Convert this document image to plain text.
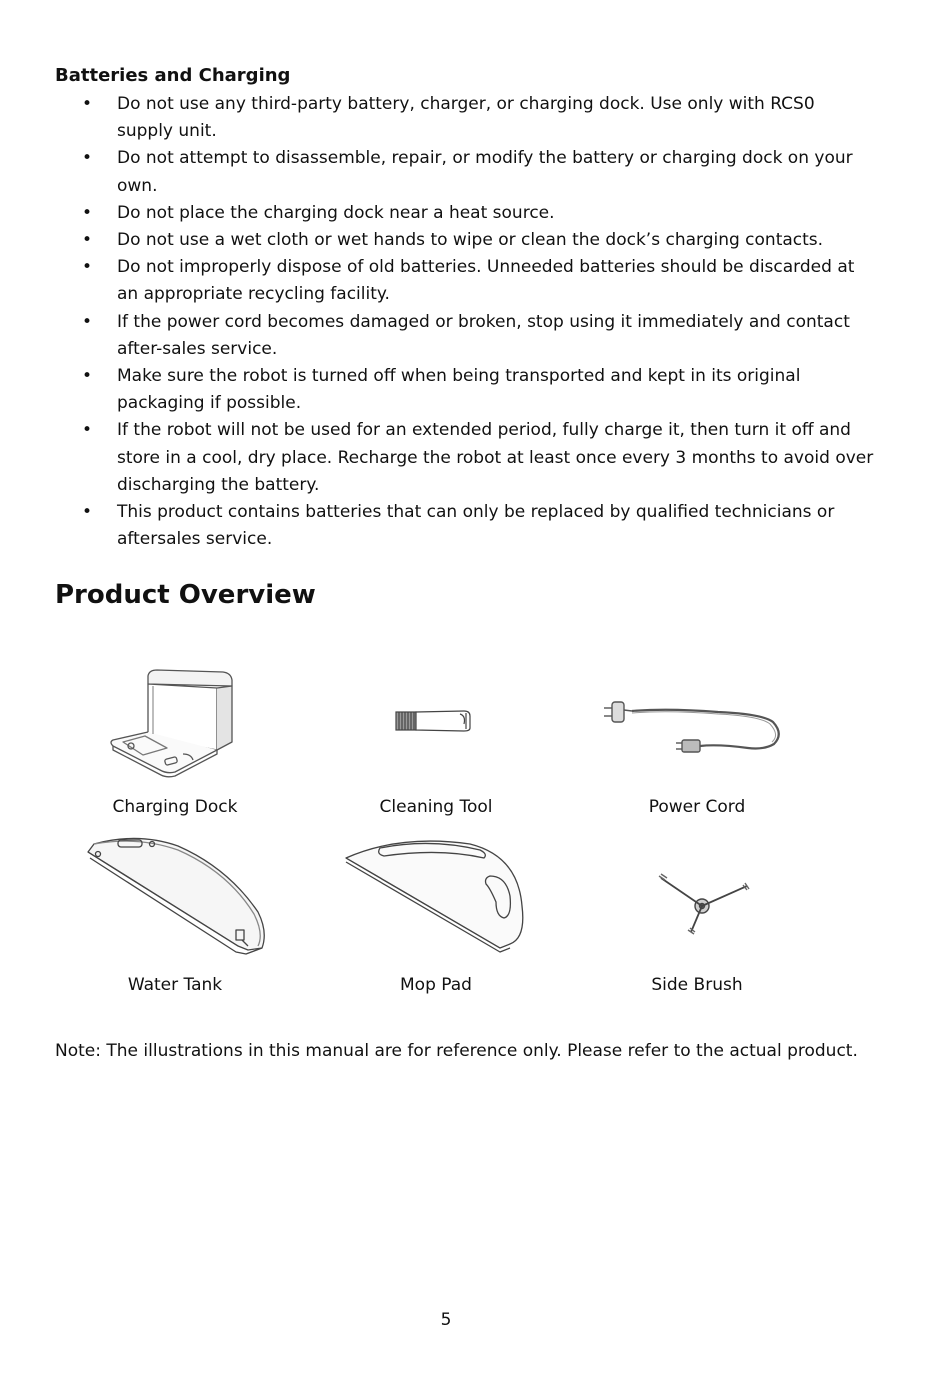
Batteries and Charging
• Do not use any third-party battery, charger, or charging dock. Use only with RCS0 supply unit.
• Do not attempt to disassemble, repair, or modify the battery or charging dock on your own.
• Do not place the charging dock near a heat source.
• Do not use a wet cloth or wet hands to wipe or clean the dock’s charging contacts.
• Do not improperly dispose of old batteries. Unneeded batteries should be discarded at an appropriate recycling facility.
• If the power cord becomes damaged or broken, stop using it immediately and contact after-sales service.
• Make sure the robot is turned off when being transported and kept in its original packaging if possible.
• If the robot will not be used for an extended period, fully charge it, then turn it off and store in a cool, dry place. Recharge the robot at least once every 3 months to avoid over discharging the battery.
• This product contains batteries that can only be replaced by qualified technicians or aftersales service.
Product Overview
Charging Dock	Cleaning Tool	Power Cord
Water Tank	Mop Pad	Side Brush

Note: The illustrations in this manual are for reference only. Please refer to the actual product.

5
